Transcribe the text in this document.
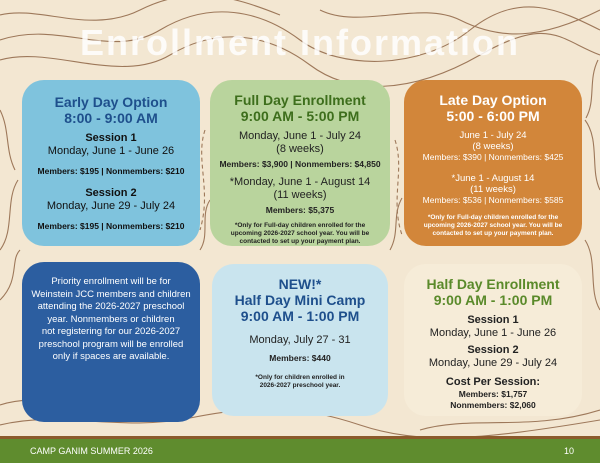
Enrollment Information
Early Day Option
8:00 - 9:00 AM
Session 1
Monday, June 1 - June 26
Members: $195 | Nonmembers: $210
Session 2
Monday, June 29 - July 24
Members: $195 | Nonmembers: $210
Full Day Enrollment
9:00 AM - 5:00 PM
Monday, June 1 - July 24
(8 weeks)
Members: $3,900 | Nonmembers: $4,850
*Monday, June 1 - August 14
(11 weeks)
Members: $5,375
*Only for Full-day children enrolled for the
upcoming 2026-2027 school year. You will be
contacted to set up your payment plan.
Late Day Option
5:00 - 6:00 PM
June 1 - July 24
(8 weeks)
Members: $390 | Nonmembers: $425
*June 1 - August 14
(11 weeks)
Members: $536 | Nonmembers: $585
*Only for Full-day children enrolled for the
upcoming 2026-2027 school year. You will be
contacted to set up your payment plan.
Priority enrollment will be for
Weinstein JCC members and children
attending the 2026-2027 preschool
year. Nonmembers or children
not registering for our 2026-2027
preschool program will be enrolled
only if spaces are available.
NEW!*
Half Day Mini Camp
9:00 AM - 1:00 PM
Monday, July 27 - 31
Members: $440
*Only for children enrolled in
2026-2027 preschool year.
Half Day Enrollment
9:00 AM - 1:00 PM
Session 1
Monday, June 1 - June 26
Session 2
Monday, June 29 - July 24
Cost Per Session:
Members: $1,757
Nonmembers: $2,060
CAMP GANIM SUMMER 2026	10
